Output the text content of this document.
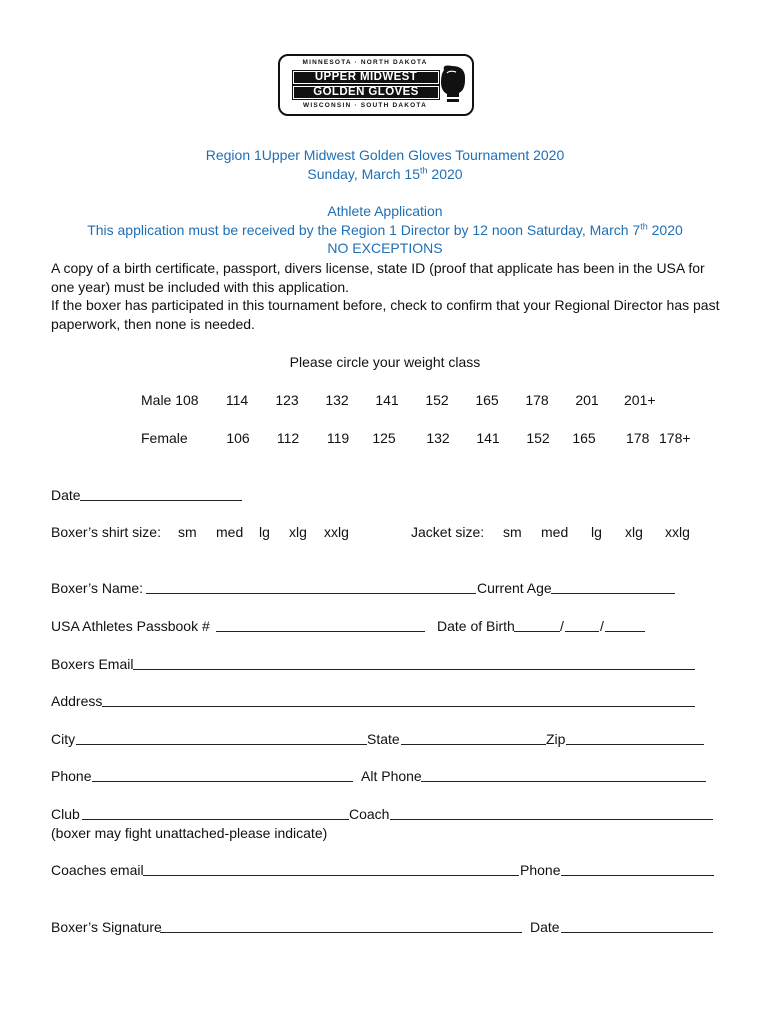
MINNESOTA · NORTH DAKOTA
UPPER MIDWEST
GOLDEN GLOVES
WISCONSIN · SOUTH DAKOTA
Region 1Upper Midwest Golden Gloves Tournament 2020
Sunday, March 15th 2020
Athlete Application
This application must be received by the Region 1 Director by 12 noon Saturday, March 7th 2020
NO EXCEPTIONS
A copy of a birth certificate, passport, divers license, state ID (proof that applicate has been in the USA for one year) must be included with this application.
If the boxer has participated in this tournament before, check to confirm that your Regional Director has past paperwork, then none is needed.
Please circle your weight class
Male 108 114 123 132 141 152 165 178 201 201+
Female	106 112 119 125 132 141 152 165 178 178+
Date
Boxer’s shirt size: sm med lg xlg xxlg	Jacket size: sm med lg xlg xxlg
Boxer’s Name:	Current Age
USA Athletes Passbook #	Date of Birth	/	/
Boxers Email
Address
City	State	Zip
Phone	Alt Phone
Club	Coach
(boxer may fight unattached-please indicate)
Coaches email	Phone
Boxer’s Signature	Date
